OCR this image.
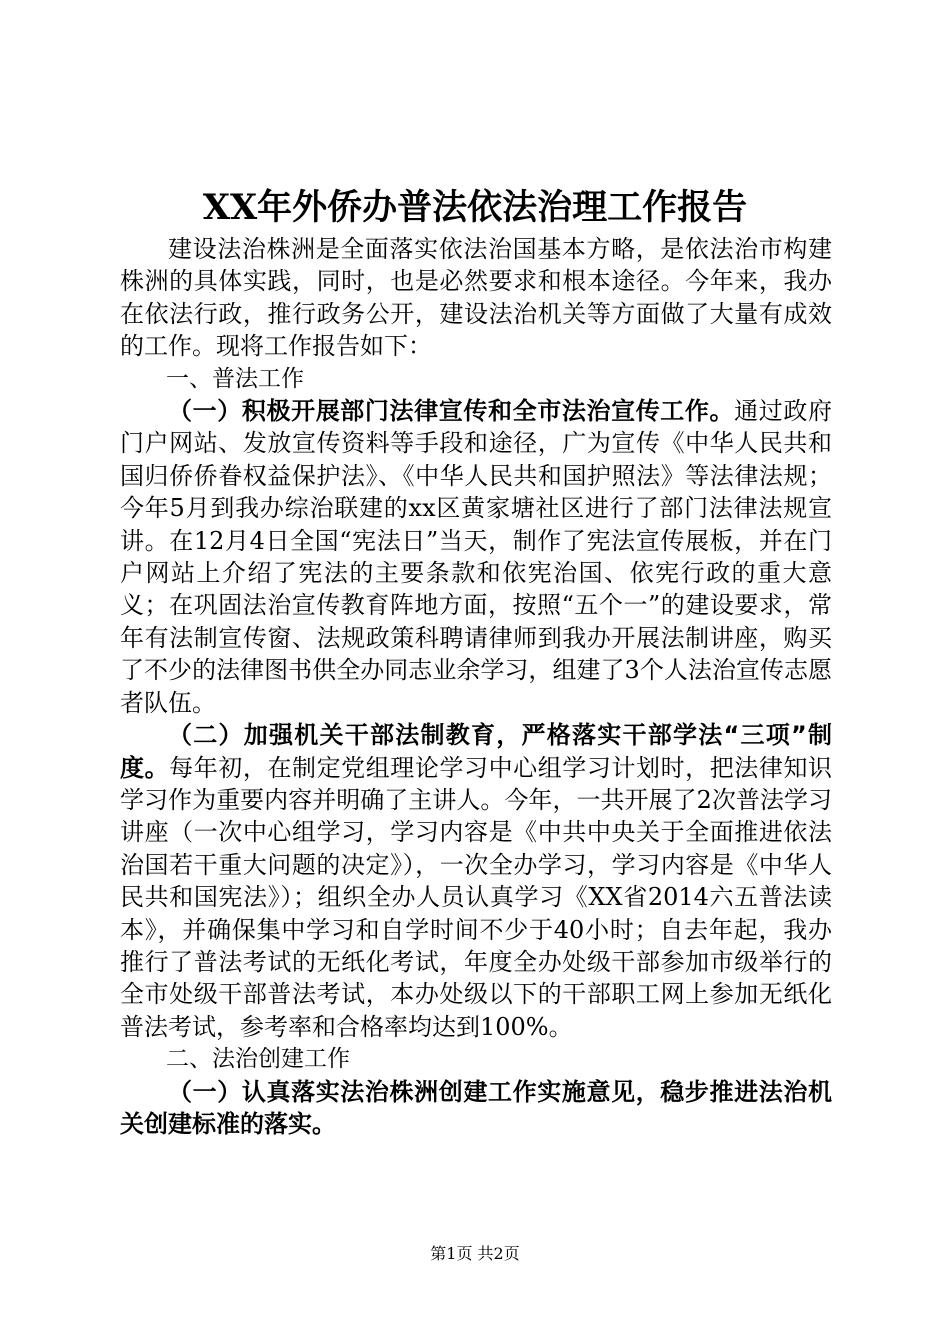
XX年外侨办普法依法治理工作报告

建设法治株洲是全面落实依法治国基本方略，是依法治市构建株洲的具体实践，同时，也是必然要求和根本途径。今年来，我办在依法行政，推行政务公开，建设法治机关等方面做了大量有成效的工作。现将工作报告如下：

一、普法工作

（一）积极开展部门法律宣传和全市法治宣传工作。通过政府门户网站、发放宣传资料等手段和途径，广为宣传《中华人民共和国归侨侨眷权益保护法》、《中华人民共和国护照法》等法律法规；今年5月到我办综治联建的xx区黄家塘社区进行了部门法律法规宣讲。在12月4日全国“宪法日”当天，制作了宪法宣传展板，并在门户网站上介绍了宪法的主要条款和依宪治国、依宪行政的重大意义；在巩固法治宣传教育阵地方面，按照“五个一”的建设要求，常年有法制宣传窗、法规政策科聘请律师到我办开展法制讲座，购买了不少的法律图书供全办同志业余学习，组建了3个人法治宣传志愿者队伍。

（二）加强机关干部法制教育，严格落实干部学法“三项”制度。每年初，在制定党组理论学习中心组学习计划时，把法律知识学习作为重要内容并明确了主讲人。今年，一共开展了2次普法学习讲座（一次中心组学习，学习内容是《中共中央关于全面推进依法治国若干重大问题的决定》），一次全办学习，学习内容是《中华人民共和国宪法》）；组织全办人员认真学习《XX省2014六五普法读本》，并确保集中学习和自学时间不少于40小时；自去年起，我办推行了普法考试的无纸化考试，年度全办处级干部参加市级举行的全市处级干部普法考试，本办处级以下的干部职工网上参加无纸化普法考试，参考率和合格率均达到100%。

二、法治创建工作

（一）认真落实法治株洲创建工作实施意见，稳步推进法治机关创建标准的落实。

第1页 共2页
